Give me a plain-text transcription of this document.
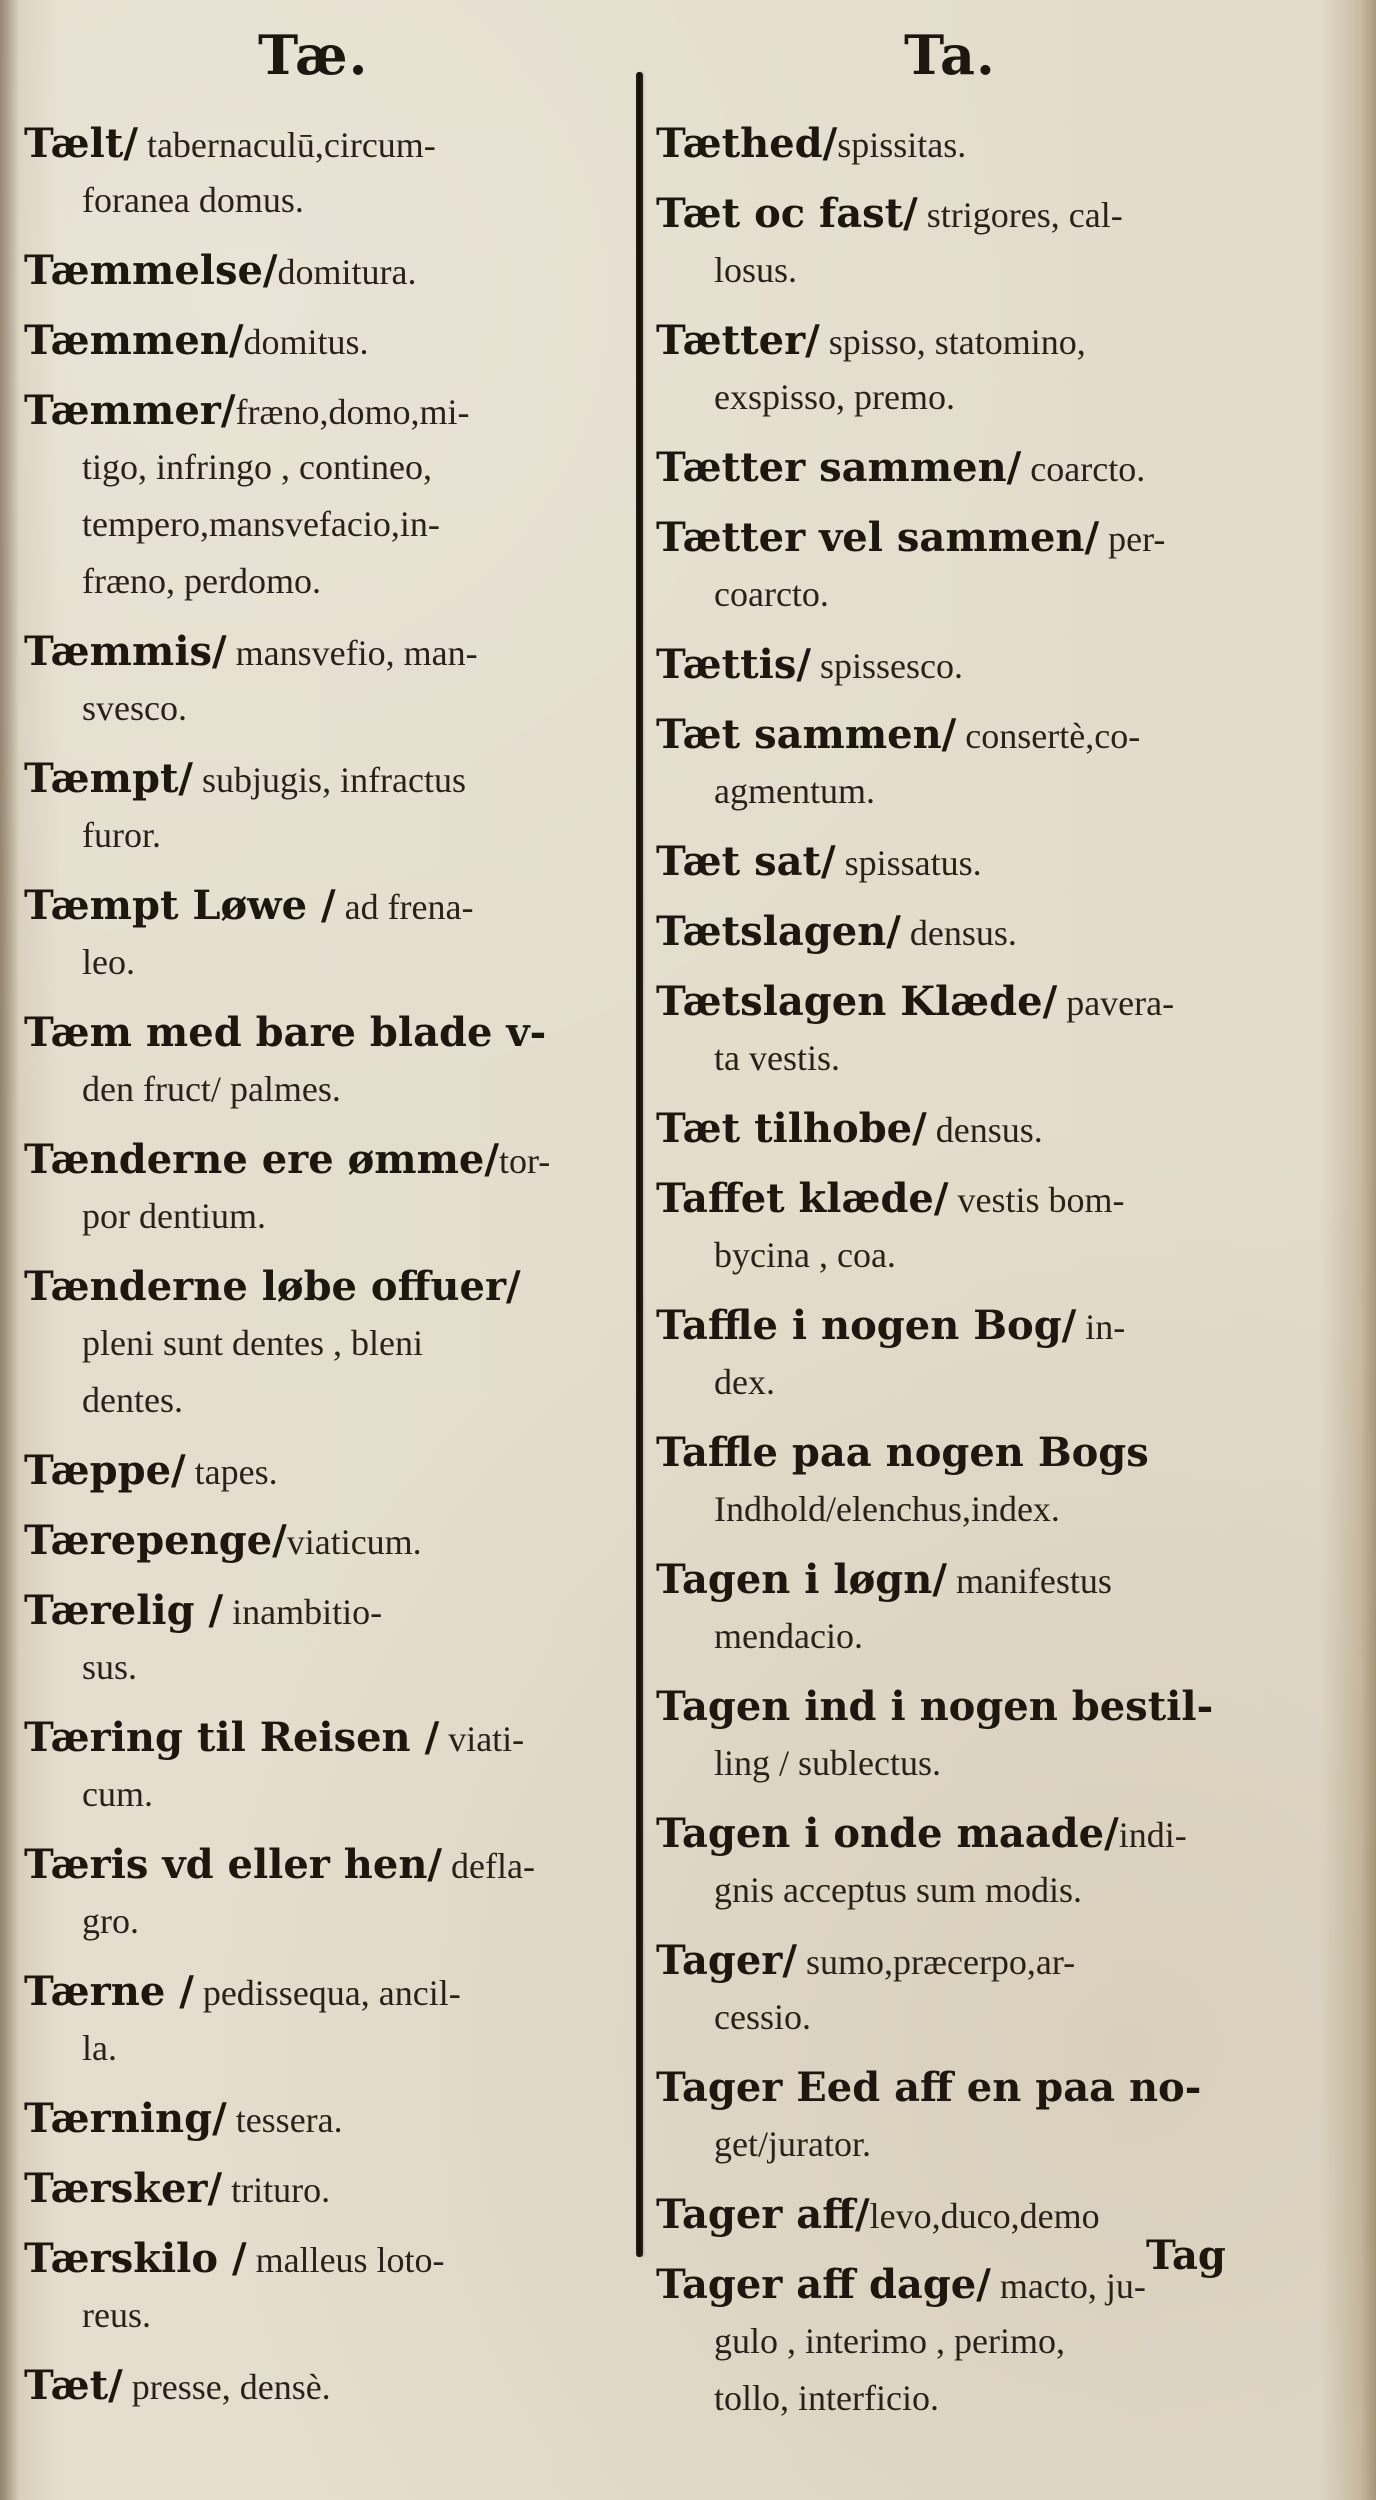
Tæ.	Ta.
Tælt/ tabernaculū,circum-
foranea domus.
Tæmmelse/domitura.
Tæmmen/domitus.
Tæmmer/fræno,domo,mi-
tigo, infringo , contineo,
tempero,mansvefacio,in-
fræno, perdomo.
Tæmmis/ mansvefio, man-
svesco.
Tæmpt/ subjugis, infractus
furor.
Tæmpt Løwe / ad frena-
leo.
Tæm med bare blade v-
den fruct/ palmes.
Tænderne ere ømme/tor-
por dentium.
Tænderne løbe offuer/
pleni sunt dentes , bleni
dentes.
Tæppe/ tapes.
Tærepenge/viaticum.
Tærelig / inambitio-
sus.
Tæring til Reisen / viati-
cum.
Tæris vd eller hen/ defla-
gro.
Tærne / pedissequa, ancil-
la.
Tærning/ tessera.
Tærsker/ trituro.
Tærskilo / malleus loto-
reus.
Tæt/ presse, densè.
Tæthed/spissitas.
Tæt oc fast/ strigores, cal-
losus.
Tætter/ spisso, statomino,
exspisso, premo.
Tætter sammen/ coarcto.
Tætter vel sammen/ per-
coarcto.
Tættis/ spissesco.
Tæt sammen/ consertè,co-
agmentum.
Tæt sat/ spissatus.
Tætslagen/ densus.
Tætslagen Klæde/ pavera-
ta vestis.
Tæt tilhobe/ densus.
Taffet klæde/ vestis bom-
bycina , coa.
Taffle i nogen Bog/ in-
dex.
Taffle paa nogen Bogs
Indhold/elenchus,index.
Tagen i løgn/ manifestus
mendacio.
Tagen ind i nogen bestil-
ling / sublectus.
Tagen i onde maade/indi-
gnis acceptus sum modis.
Tager/ sumo,præcerpo,ar-
cessio.
Tager Eed aff en paa no-
get/jurator.
Tager aff/levo,duco,demo
Tager aff dage/ macto, ju-
gulo , interimo , perimo,
tollo, interficio.
Tag
